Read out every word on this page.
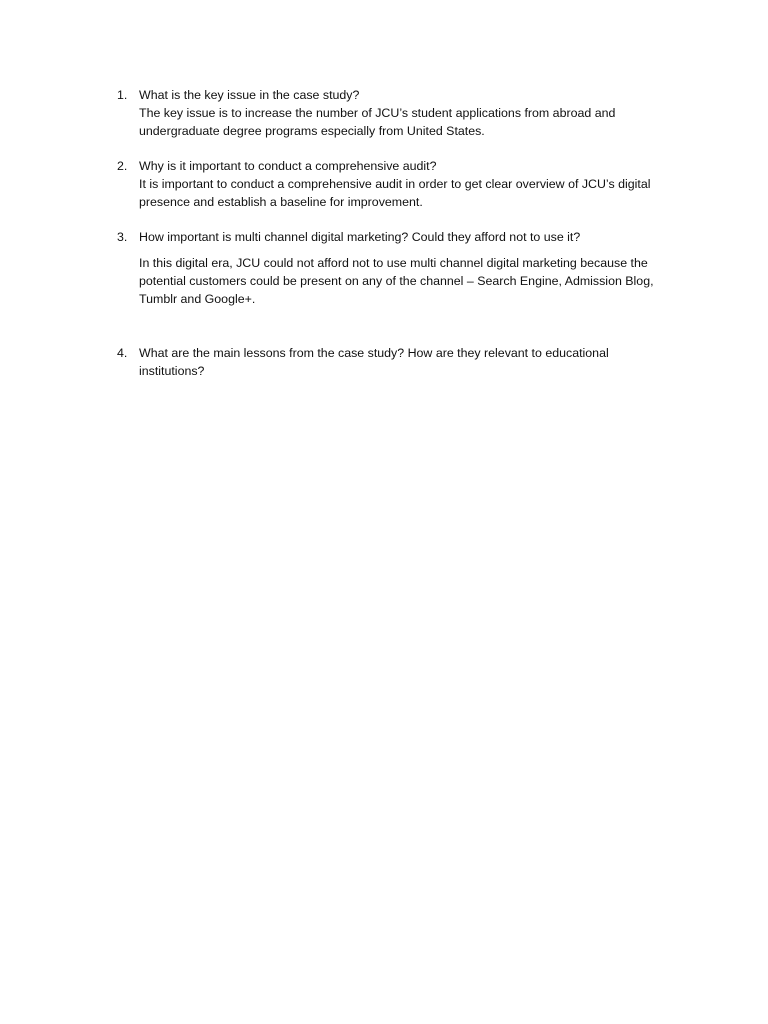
1. What is the key issue in the case study?
The key issue is to increase the number of JCU’s student applications from abroad and undergraduate degree programs especially from United States.
2. Why is it important to conduct a comprehensive audit?
It is important to conduct a comprehensive audit in order to get clear overview of JCU’s digital presence and establish a baseline for improvement.
3. How important is multi channel digital marketing? Could they afford not to use it?
In this digital era, JCU could not afford not to use multi channel digital marketing because the potential customers could be present on any of the channel – Search Engine, Admission Blog, Tumblr and Google+.
4. What are the main lessons from the case study? How are they relevant to educational institutions?
